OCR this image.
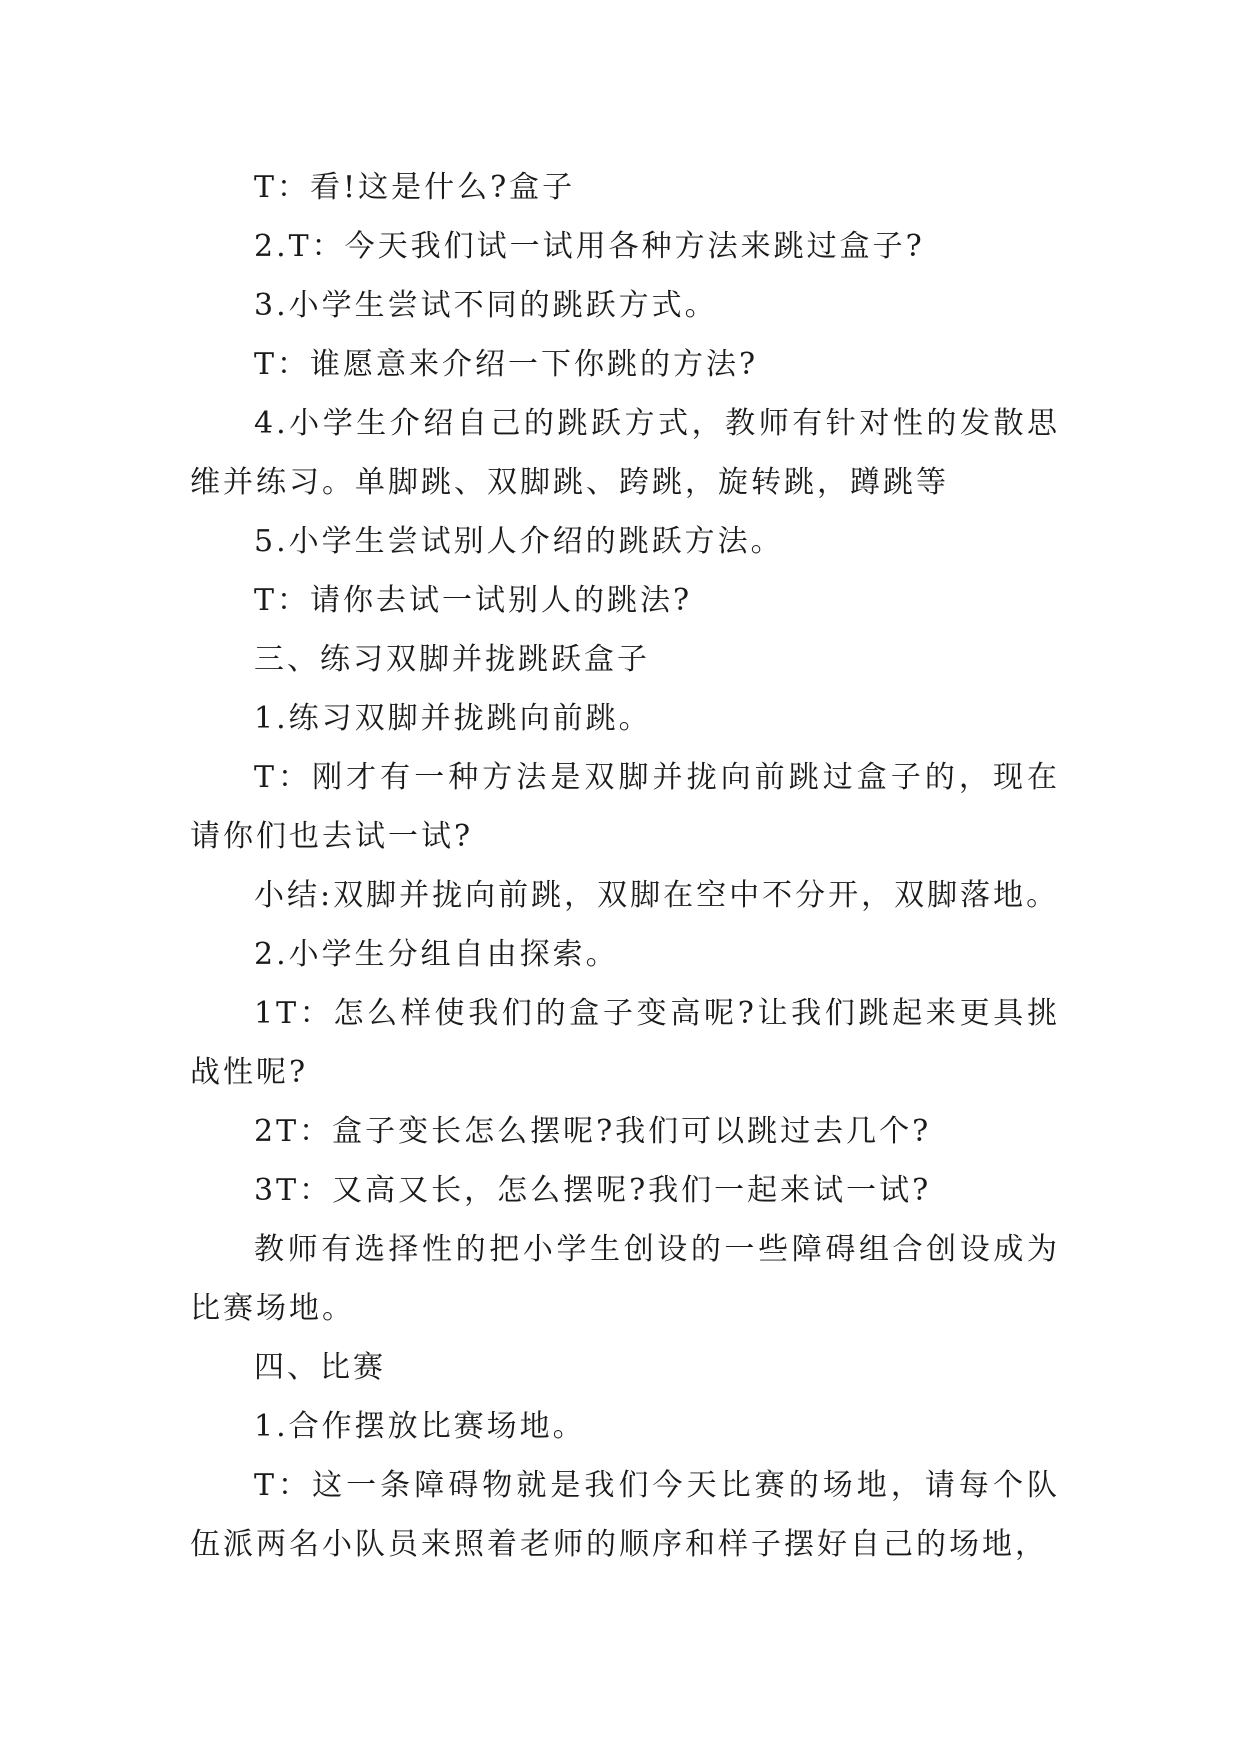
T：看!这是什么?盒子

2.T：今天我们试一试用各种方法来跳过盒子?

3.小学生尝试不同的跳跃方式。

T：谁愿意来介绍一下你跳的方法?

4.小学生介绍自己的跳跃方式，教师有针对性的发散思维并练习。单脚跳、双脚跳、跨跳，旋转跳，蹲跳等

5.小学生尝试别人介绍的跳跃方法。

T：请你去试一试别人的跳法?

三、练习双脚并拢跳跃盒子

1.练习双脚并拢跳向前跳。

T：刚才有一种方法是双脚并拢向前跳过盒子的，现在请你们也去试一试?

小结:双脚并拢向前跳，双脚在空中不分开，双脚落地。

2.小学生分组自由探索。

1T：怎么样使我们的盒子变高呢?让我们跳起来更具挑战性呢?

2T：盒子变长怎么摆呢?我们可以跳过去几个?

3T：又高又长，怎么摆呢?我们一起来试一试?

教师有选择性的把小学生创设的一些障碍组合创设成为比赛场地。

四、比赛

1.合作摆放比赛场地。

T：这一条障碍物就是我们今天比赛的场地，请每个队伍派两名小队员来照着老师的顺序和样子摆好自己的场地，
